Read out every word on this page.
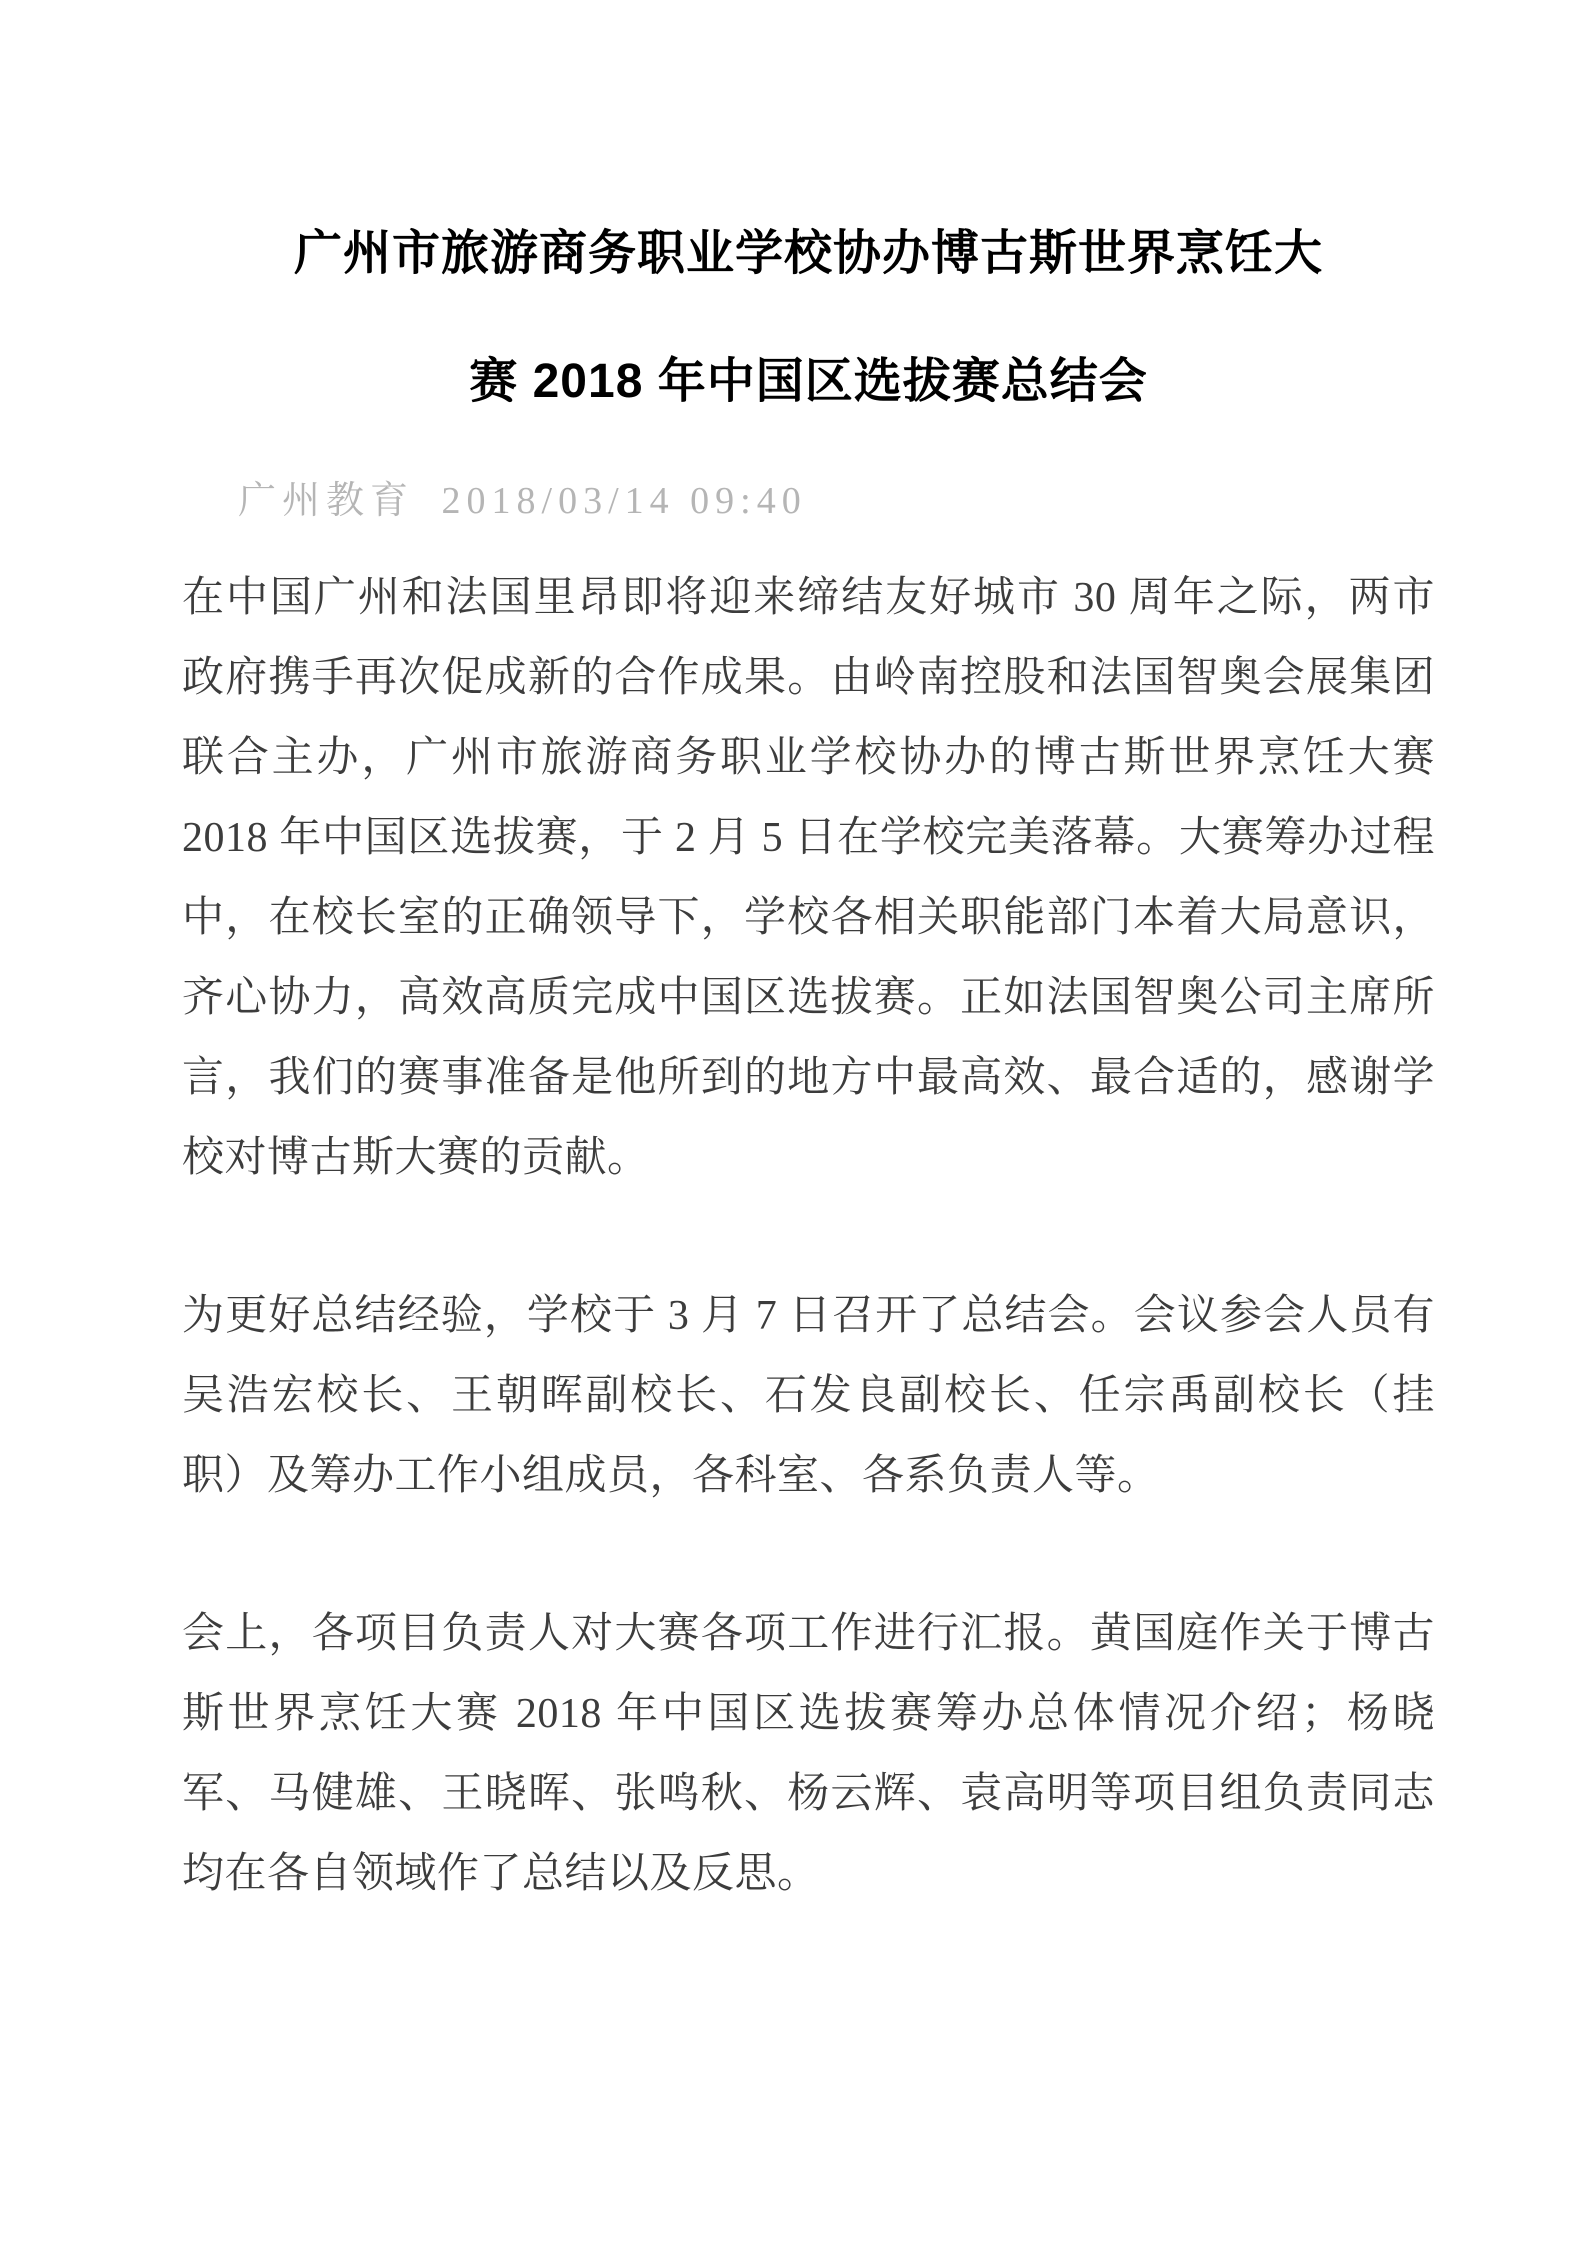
广州市旅游商务职业学校协办博古斯世界烹饪大
赛 2018 年中国区选拔赛总结会
广州教育 2018/03/14 09:40

在中国广州和法国里昂即将迎来缔结友好城市 30 周年之际，两市政府携手再次促成新的合作成果。由岭南控股和法国智奥会展集团联合主办，广州市旅游商务职业学校协办的博古斯世界烹饪大赛 2018 年中国区选拔赛，于 2 月 5 日在学校完美落幕。大赛筹办过程中，在校长室的正确领导下，学校各相关职能部门本着大局意识，齐心协力，高效高质完成中国区选拔赛。正如法国智奥公司主席所言，我们的赛事准备是他所到的地方中最高效、最合适的，感谢学校对博古斯大赛的贡献。

为更好总结经验，学校于 3 月 7 日召开了总结会。会议参会人员有吴浩宏校长、王朝晖副校长、石发良副校长、任宗禹副校长（挂职）及筹办工作小组成员，各科室、各系负责人等。

会上，各项目负责人对大赛各项工作进行汇报。黄国庭作关于博古斯世界烹饪大赛 2018 年中国区选拔赛筹办总体情况介绍；杨晓军、马健雄、王晓晖、张鸣秋、杨云辉、袁高明等项目组负责同志均在各自领域作了总结以及反思。
